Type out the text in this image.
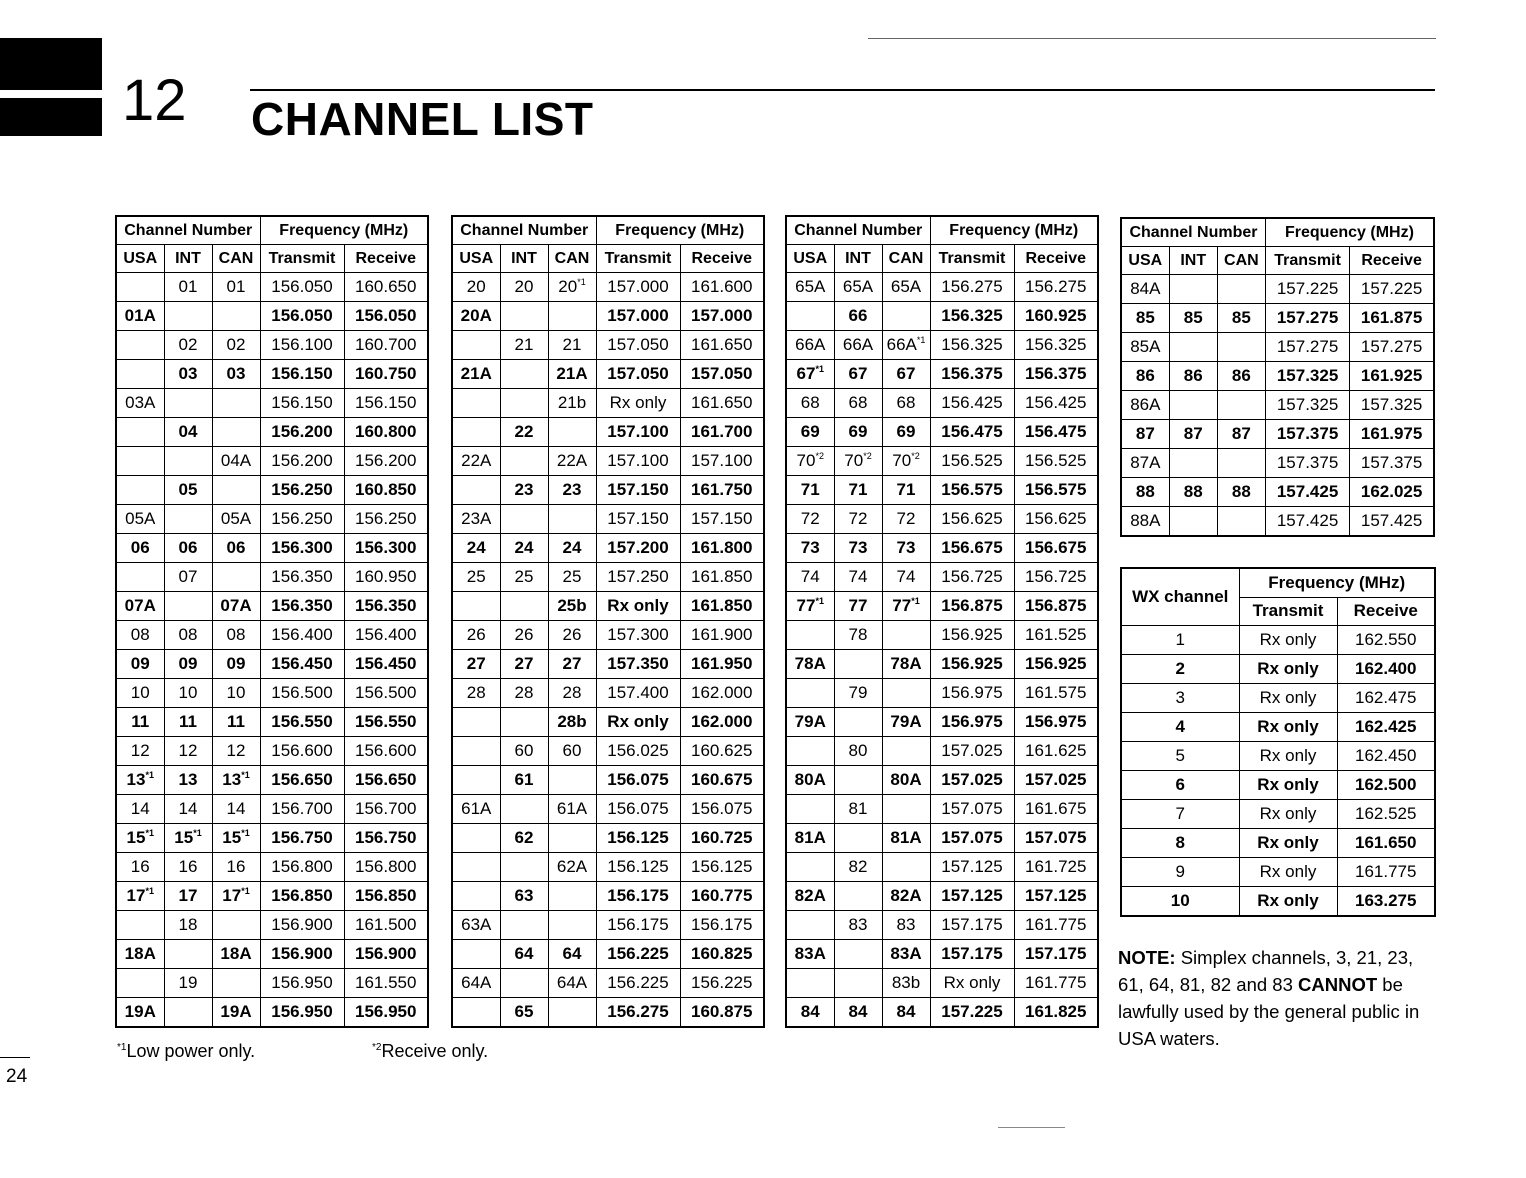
12 CHANNEL LIST
Channel Number			Frequency (MHz)	
USA	INT	CAN	Transmit	Receive
	01	01	156.050	160.650
01A			156.050	156.050
	02	02	156.100	160.700
	03	03	156.150	160.750
03A			156.150	156.150
	04		156.200	160.800
		04A	156.200	156.200
	05		156.250	160.850
05A		05A	156.250	156.250
06	06	06	156.300	156.300
	07		156.350	160.950
07A		07A	156.350	156.350
08	08	08	156.400	156.400
09	09	09	156.450	156.450
10	10	10	156.500	156.500
11	11	11	156.550	156.550
12	12	12	156.600	156.600
13$^{*1}$	13	13$^{*1}$	156.650	156.650
14	14	14	156.700	156.700
15$^{*1}$	15$^{*1}$	15$^{*1}$	156.750	156.750
16	16	16	156.800	156.800
17$^{*1}$	17	17$^{*1}$	156.850	156.850
	18		156.900	161.500
18A		18A	156.900	156.900
	19		156.950	161.550
19A		19A	156.950	156.950
Channel Number			Frequency (MHz)	
USA	INT	CAN	Transmit	Receive
20	20	20$^{*1}$	157.000	161.600
20A			157.000	157.000
	21	21	157.050	161.650
21A		21A	157.050	157.050
		21b	Rx only	161.650
	22		157.100	161.700
22A		22A	157.100	157.100
	23	23	157.150	161.750
23A			157.150	157.150
24	24	24	157.200	161.800
25	25	25	157.250	161.850
		25b	Rx only	161.850
26	26	26	157.300	161.900
27	27	27	157.350	161.950
28	28	28	157.400	162.000
		28b	Rx only	162.000
	60	60	156.025	160.625
	61		156.075	160.675
61A		61A	156.075	156.075
	62		156.125	160.725
		62A	156.125	156.125
	63		156.175	160.775
63A			156.175	156.175
	64	64	156.225	160.825
64A		64A	156.225	156.225
	65		156.275	160.875
Channel Number			Frequency (MHz)	
USA	INT	CAN	Transmit	Receive
65A	65A	65A	156.275	156.275
	66		156.325	160.925
66A	66A	$66A^{*1}$	156.325	156.325
67$^{*1}$	67	67	156.375	156.375
68	68	68	156.425	156.425
69	69	69	156.475	156.475
70$^{*2}$	70$^{*2}$	70$^{*2}$	156.525	156.525
71	71	71	156.575	156.575
72	72	72	156.625	156.625
73	73	73	156.675	156.675
74	74	74	156.725	156.725
77$^{*1}$	77	77$^{*1}$	156.875	156.875
	78		156.925	161.525
78A		78A	156.925	156.925
	79		156.975	161.575
79A		79A	156.975	156.975
	80		157.025	161.625
80A		80A	157.025	157.025
	81		157.075	161.675
81A		81A	157.075	157.075
	82		157.125	161.725
82A		82A	157.125	157.125
	83	83	157.175	161.775
83A		83A	157.175	157.175
		83b	Rx only	161.775
84	84	84	157.225	161.825
Channel Number			Frequency (MHz)	
USA	INT	CAN	Transmit	Receive
84A			157.225	157.225
85	85	85	157.275	161.875
85A			157.275	157.275
86	86	86	157.325	161.925
86A			157.325	157.325
87	87	87	157.375	161.975
87A			157.375	157.375
88	88	88	157.425	162.025
88A			157.425	157.425
WX channel	Frequency (MHz)	
	Transmit	Receive
1	Rx only	162.550
2	Rx only	162.400
3	Rx only	162.475
4	Rx only	162.425
5	Rx only	162.450
6	Rx only	162.500
7	Rx only	162.525
8	Rx only	161.650
9	Rx only	161.775
10	Rx only	163.275
NOTE: Simplex channels, 3, 21, 23, 61, 64, 81, 82 and 83 CANNOT be lawfully used by the general public in USA waters.
$^{*1}$Low power only.	$^{*2}$Receive only.
24
